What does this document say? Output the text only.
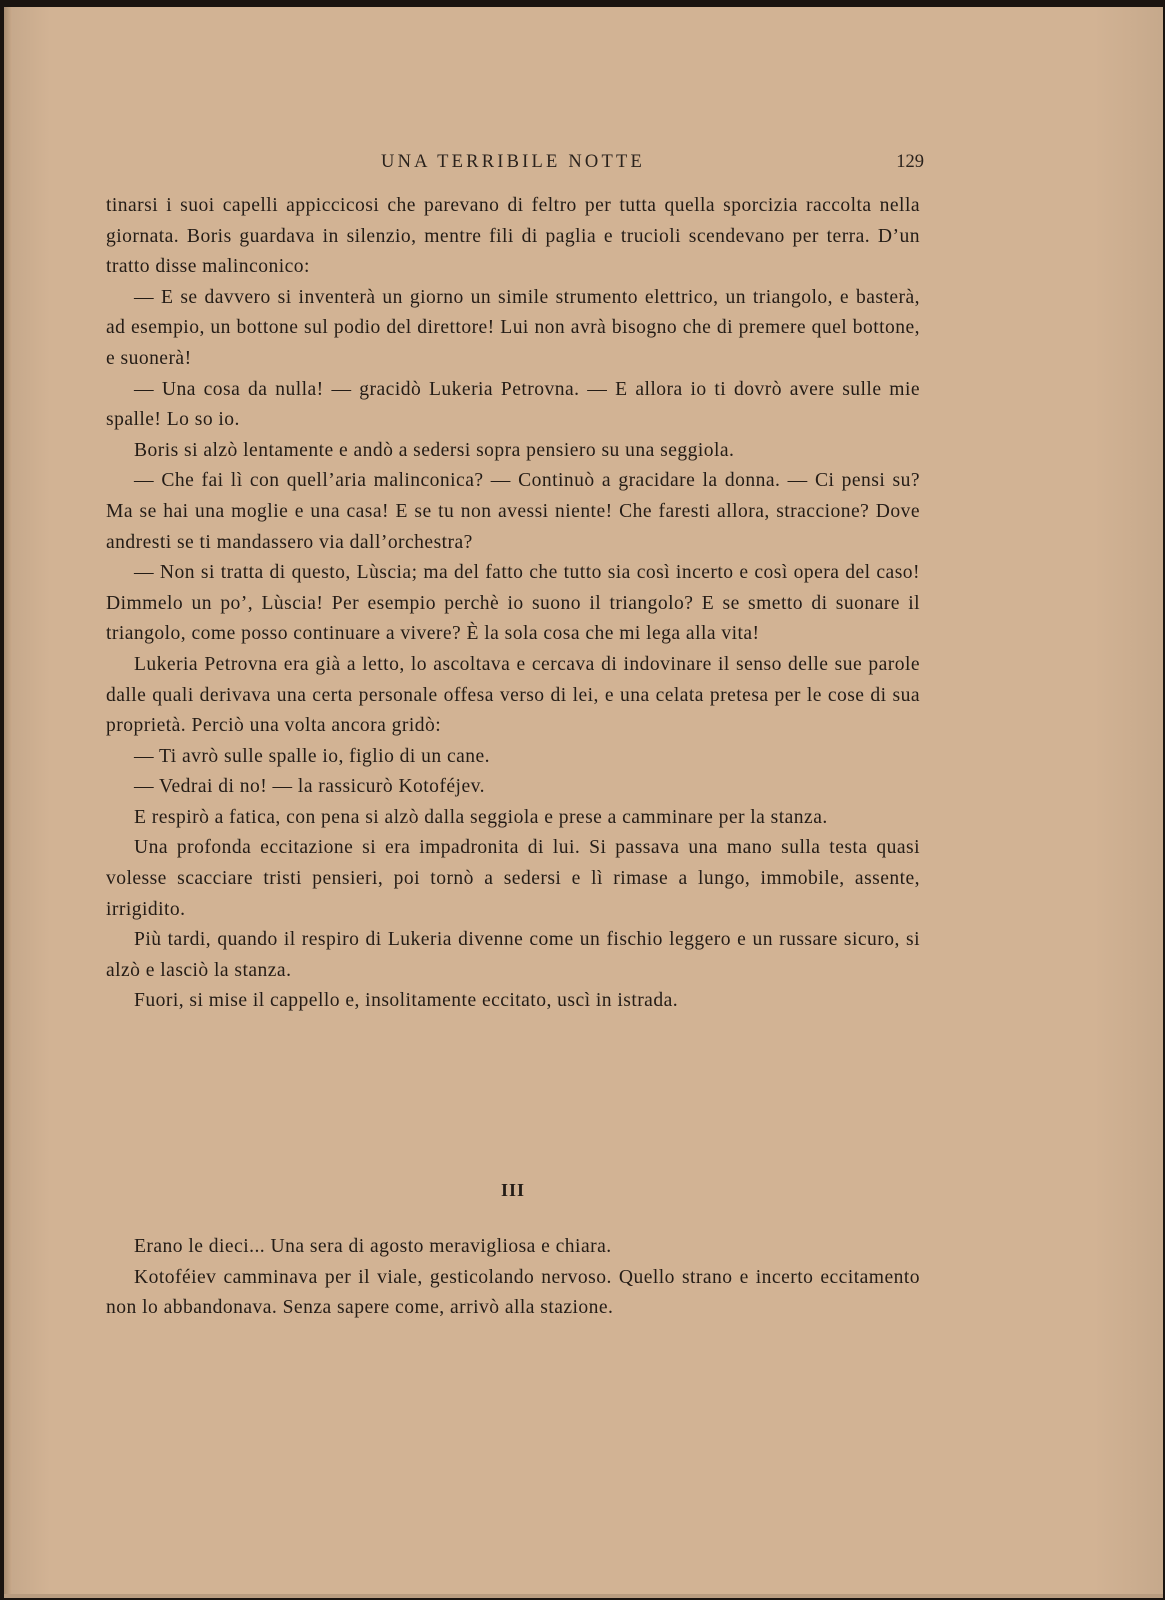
UNA TERRIBILE NOTTE	129

tinarsi i suoi capelli appiccicosi che parevano di feltro per tutta quella sporcizia raccolta nella giornata. Boris guardava in silenzio, mentre fili di paglia e trucioli scendevano per terra. D’un tratto disse malinconico:

— E se davvero si inventerà un giorno un simile strumento elettrico, un triangolo, e basterà, ad esempio, un bottone sul podio del direttore! Lui non avrà bisogno che di premere quel bottone, e suonerà!

— Una cosa da nulla! — gracidò Lukeria Petrovna. — E allora io ti dovrò avere sulle mie spalle! Lo so io.

Boris si alzò lentamente e andò a sedersi sopra pensiero su una seggiola.

— Che fai lì con quell’aria malinconica? — Continuò a gracidare la donna. — Ci pensi su? Ma se hai una moglie e una casa! E se tu non avessi niente! Che faresti allora, straccione? Dove andresti se ti mandassero via dall’orchestra?

— Non si tratta di questo, Lùscia; ma del fatto che tutto sia così incerto e così opera del caso! Dimmelo un po’, Lùscia! Per esempio perchè io suono il triangolo? E se smetto di suonare il triangolo, come posso continuare a vivere? È la sola cosa che mi lega alla vita!

Lukeria Petrovna era già a letto, lo ascoltava e cercava di indovinare il senso delle sue parole dalle quali derivava una certa personale offesa verso di lei, e una celata pretesa per le cose di sua proprietà. Perciò una volta ancora gridò:

— Ti avrò sulle spalle io, figlio di un cane.

— Vedrai di no! — la rassicurò Kotoféjev.

E respirò a fatica, con pena si alzò dalla seggiola e prese a camminare per la stanza.

Una profonda eccitazione si era impadronita di lui. Si passava una mano sulla testa quasi volesse scacciare tristi pensieri, poi tornò a sedersi e lì rimase a lungo, immobile, assente, irrigidito.

Più tardi, quando il respiro di Lukeria divenne come un fischio leggero e un russare sicuro, si alzò e lasciò la stanza.

Fuori, si mise il cappello e, insolitamente eccitato, uscì in istrada.

III

Erano le dieci... Una sera di agosto meravigliosa e chiara.

Kotoféiev camminava per il viale, gesticolando nervoso. Quello strano e incerto eccitamento non lo abbandonava. Senza sapere come, arrivò alla stazione.
